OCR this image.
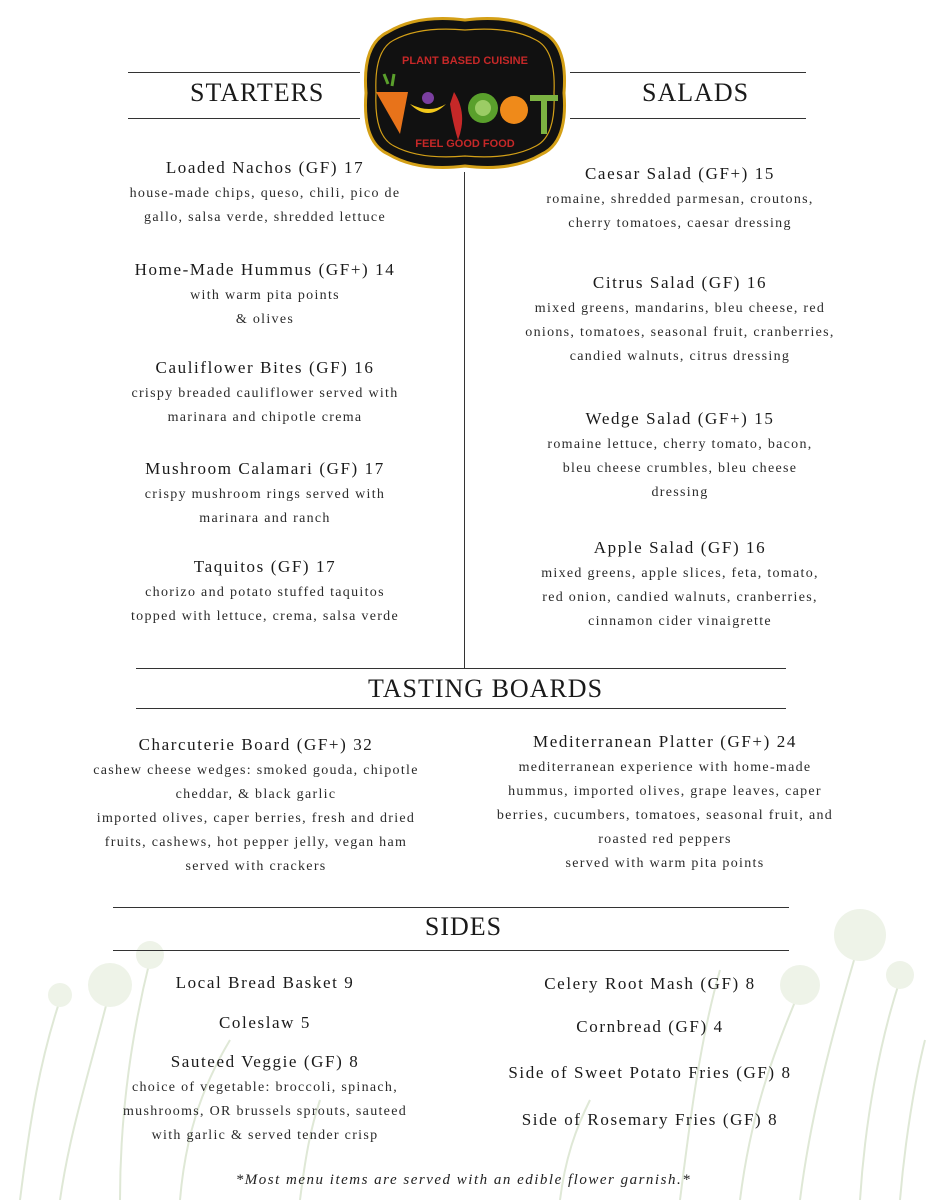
PLANT BASED CUISINE
FEEL GOOD FOOD
STARTERS	SALADS
Loaded Nachos (GF) 17
house-made chips, queso, chili, pico de
gallo, salsa verde, shredded lettuce
Home-Made Hummus (GF+) 14
with warm pita points
& olives
Cauliflower Bites (GF) 16
crispy breaded cauliflower served with
marinara and chipotle crema
Mushroom Calamari (GF) 17
crispy mushroom rings served with
marinara and ranch
Taquitos (GF) 17
chorizo and potato stuffed taquitos
topped with lettuce, crema, salsa verde
Caesar Salad (GF+) 15
romaine, shredded parmesan, croutons,
cherry tomatoes, caesar dressing
Citrus Salad (GF) 16
mixed greens, mandarins, bleu cheese, red
onions, tomatoes, seasonal fruit, cranberries,
candied walnuts, citrus dressing
Wedge Salad (GF+) 15
romaine lettuce, cherry tomato, bacon,
bleu cheese crumbles, bleu cheese
dressing
Apple Salad (GF) 16
mixed greens, apple slices, feta, tomato,
red onion, candied walnuts, cranberries,
cinnamon cider vinaigrette
TASTING BOARDS
Charcuterie Board (GF+) 32
cashew cheese wedges: smoked gouda, chipotle
cheddar, & black garlic
imported olives, caper berries, fresh and dried
fruits, cashews, hot pepper jelly, vegan ham
served with crackers
Mediterranean Platter (GF+) 24
mediterranean experience with home-made
hummus, imported olives, grape leaves, caper
berries, cucumbers, tomatoes, seasonal fruit, and
roasted red peppers
served with warm pita points
SIDES
Local Bread Basket 9
Coleslaw 5
Sauteed Veggie (GF) 8
choice of vegetable: broccoli, spinach,
mushrooms, OR brussels sprouts, sauteed
with garlic & served tender crisp
Celery Root Mash (GF) 8
Cornbread (GF) 4
Side of Sweet Potato Fries (GF) 8
Side of Rosemary Fries (GF) 8
*Most menu items are served with an edible flower garnish.*
